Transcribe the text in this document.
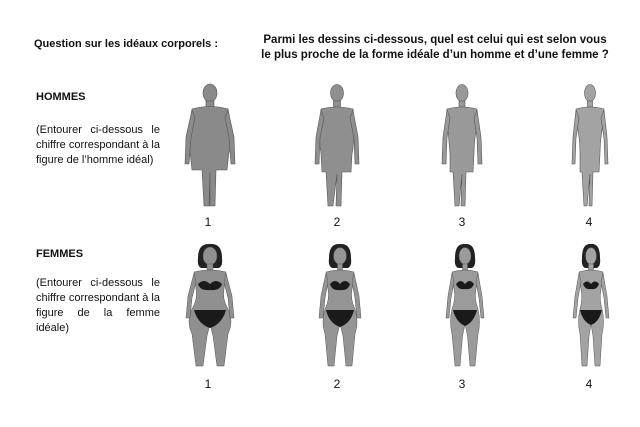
Question sur les idéaux corporels :	Parmi les dessins ci-dessous, quel est celui qui est selon vous
le plus proche de la forme idéale d’un homme et d’une femme ?
HOMMES
(Entourer ci-dessous le chiffre correspondant à la figure de l’homme idéal)
FEMMES
(Entourer ci-dessous le chiffre correspondant à la figure de la femme idéale)
1	2	3	4
1	2	3	4
